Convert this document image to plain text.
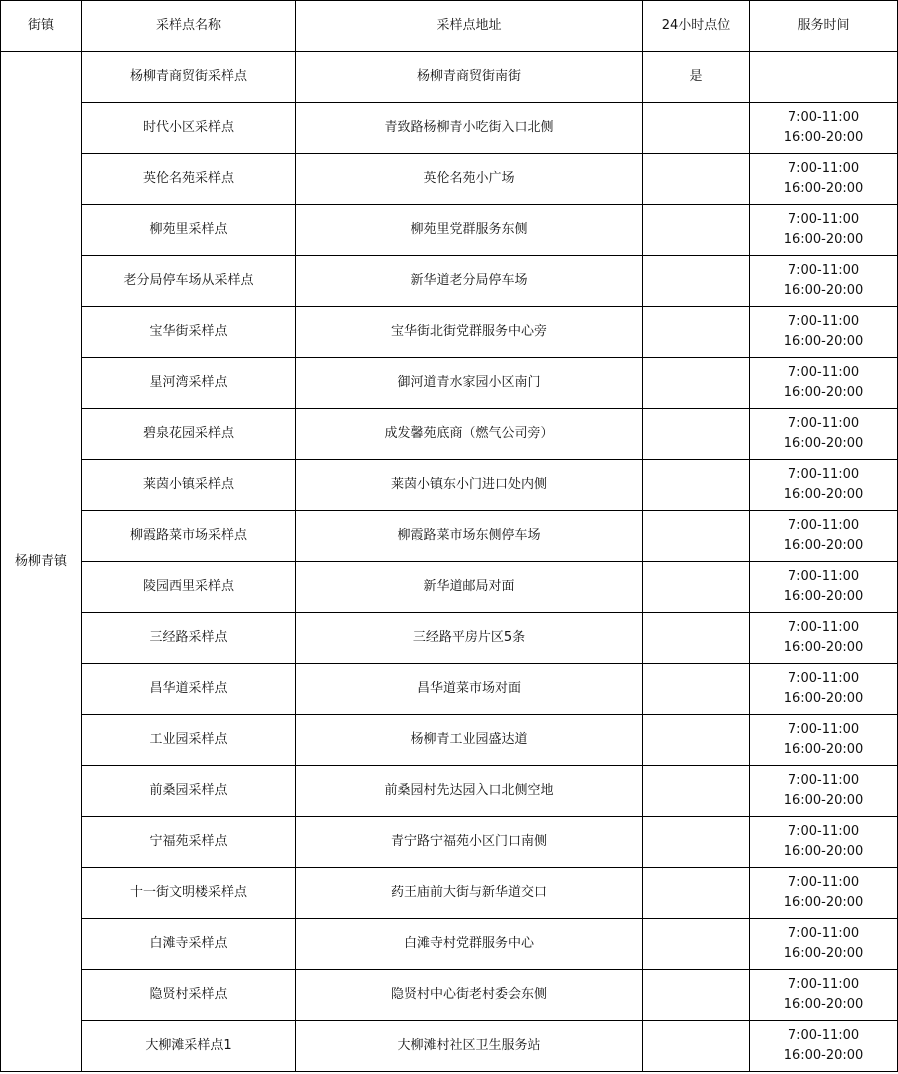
街镇	采样点名称	采样点地址	24小时点位	服务时间
杨柳青镇	杨柳青商贸街采样点	杨柳青商贸街南街	是	

	时代小区采样点	青致路杨柳青小吃街入口北侧		7:00-11:00
16:00-20:00

	英伦名苑采样点	英伦名苑小广场		7:00-11:00
16:00-20:00

	柳苑里采样点	柳苑里党群服务东侧		7:00-11:00
16:00-20:00

	老分局停车场从采样点	新华道老分局停车场		7:00-11:00
16:00-20:00

	宝华街采样点	宝华街北街党群服务中心旁		7:00-11:00
16:00-20:00

	星河湾采样点	御河道青水家园小区南门		7:00-11:00
16:00-20:00

	碧泉花园采样点	成发馨苑底商（燃气公司旁）		7:00-11:00
16:00-20:00

	莱茵小镇采样点	莱茵小镇东小门进口处内侧		7:00-11:00
16:00-20:00

	柳霞路菜市场采样点	柳霞路菜市场东侧停车场		7:00-11:00
16:00-20:00

	陵园西里采样点	新华道邮局对面		7:00-11:00
16:00-20:00

	三经路采样点	三经路平房片区5条		7:00-11:00
16:00-20:00

	昌华道采样点	昌华道菜市场对面		7:00-11:00
16:00-20:00

	工业园采样点	杨柳青工业园盛达道		7:00-11:00
16:00-20:00

	前桑园采样点	前桑园村先达园入口北侧空地		7:00-11:00
16:00-20:00

	宁福苑采样点	青宁路宁福苑小区门口南侧		7:00-11:00
16:00-20:00

	十一街文明楼采样点	药王庙前大街与新华道交口		7:00-11:00
16:00-20:00

	白滩寺采样点	白滩寺村党群服务中心		7:00-11:00
16:00-20:00

	隐贤村采样点	隐贤村中心街老村委会东侧		7:00-11:00
16:00-20:00

	大柳滩采样点1	大柳滩村社区卫生服务站		7:00-11:00
16:00-20:00
